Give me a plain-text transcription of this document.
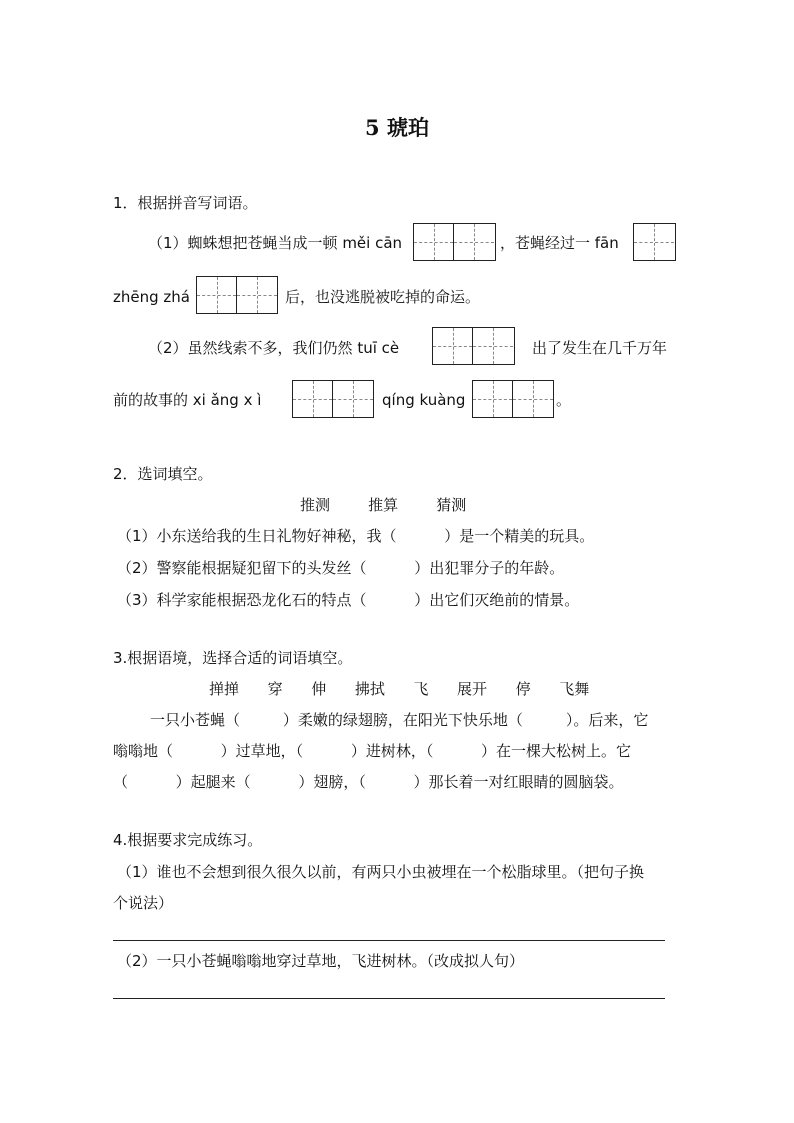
5 琥珀
1．根据拼音写词语。
（1）蜘蛛想把苍蝇当成一顿 měi cān	，苍蝇经过一 fān
zhēng zhá	后，也没逃脱被吃掉的命运。
（2）虽然线索不多，我们仍然 tuī cè	出了发生在几千万年
前的故事的 xi ǎng x ì	qíng kuàng	。
2．选词填空。
推测        推算        猜测
（1）小东送给我的生日礼物好神秘，我（          ）是一个精美的玩具。
（2）警察能根据疑犯留下的头发丝（          ）出犯罪分子的年龄。
（3）科学家能根据恐龙化石的特点（          ）出它们灭绝前的情景。
3.根据语境，选择合适的词语填空。
掸掸      穿      伸      拂拭      飞      展开      停      飞舞
一只小苍蝇（         ）柔嫩的绿翅膀，在阳光下快乐地（         ）。后来，它
嗡嗡地（          ）过草地，（          ）进树林，（          ）在一棵大松树上。它
（          ）起腿来（          ）翅膀，（          ）那长着一对红眼睛的圆脑袋。
4.根据要求完成练习。
（1）谁也不会想到很久很久以前，有两只小虫被埋在一个松脂球里。（把句子换
个说法）
（2）一只小苍蝇嗡嗡地穿过草地，飞进树林。（改成拟人句）
